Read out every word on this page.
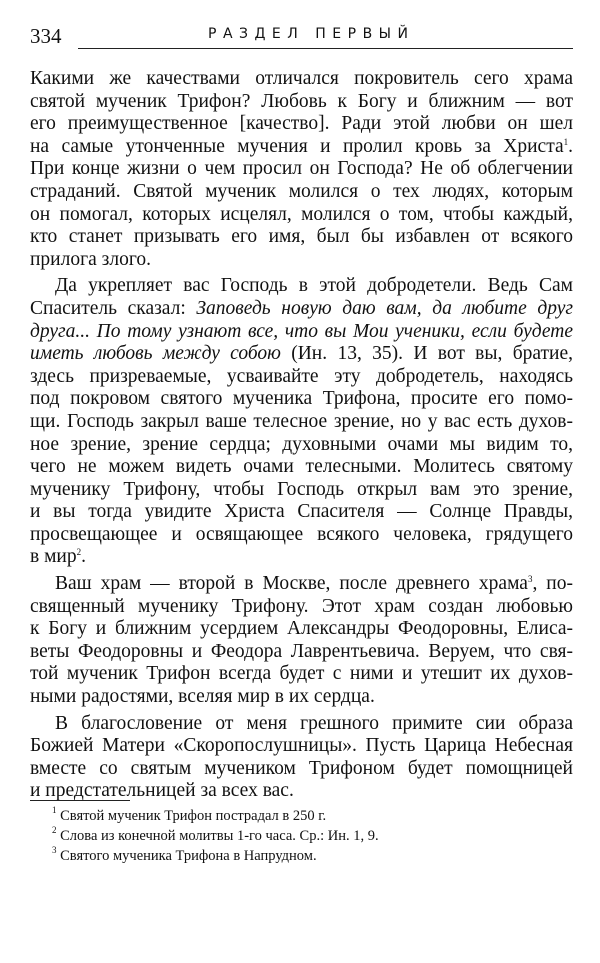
334	РАЗДЕЛ ПЕРВЫЙ
Какими же качествами отличался покровитель сего храма
святой мученик Трифон? Любовь к Богу и ближним — вот
его преимущественное [качество]. Ради этой любви он шел
на самые утонченные мучения и пролил кровь за Христа$^1$.
При конце жизни о чем просил он Господа? Не об облегчении
страданий. Святой мученик молился о тех людях, которым
он помогал, которых исцелял, молился о том, чтобы каждый,
кто станет призывать его имя, был бы избавлен от всякого
прилога злого.
Да укрепляет вас Господь в этой добродетели. Ведь Сам
Спаситель сказал: Заповедь новую даю вам, да любите друг
друга... По тому узнают все, что вы Мои ученики, если будете
иметь любовь между собою (Ин. 13, 35). И вот вы, братие,
здесь призреваемые, усваивайте эту добродетель, находясь
под покровом святого мученика Трифона, просите его помо-
щи. Господь закрыл ваше телесное зрение, но у вас есть духов-
ное зрение, зрение сердца; духовными очами мы видим то,
чего не можем видеть очами телесными. Молитесь святому
мученику Трифону, чтобы Господь открыл вам это зрение,
и вы тогда увидите Христа Спасителя — Солнце Правды,
просвещающее и освящающее всякого человека, грядущего
в мир$^2$.
Ваш храм — второй в Москве, после древнего храма$^3$, по-
священный мученику Трифону. Этот храм создан любовью
к Богу и ближним усердием Александры Феодоровны, Елиса-
веты Феодоровны и Феодора Лаврентьевича. Веруем, что свя-
той мученик Трифон всегда будет с ними и утешит их духов-
ными радостями, вселяя мир в их сердца.
В благословение от меня грешного примите сии образа
Божией Матери «Скоропослушницы». Пусть Царица Небесная
вместе со святым мучеником Трифоном будет помощницей
и предстательницей за всех вас.
$^1$ Святой мученик Трифон пострадал в 250 г.
$^2$ Слова из конечной молитвы 1-го часа. Ср.: Ин. 1, 9.
$^3$ Святого мученика Трифона в Напрудном.
